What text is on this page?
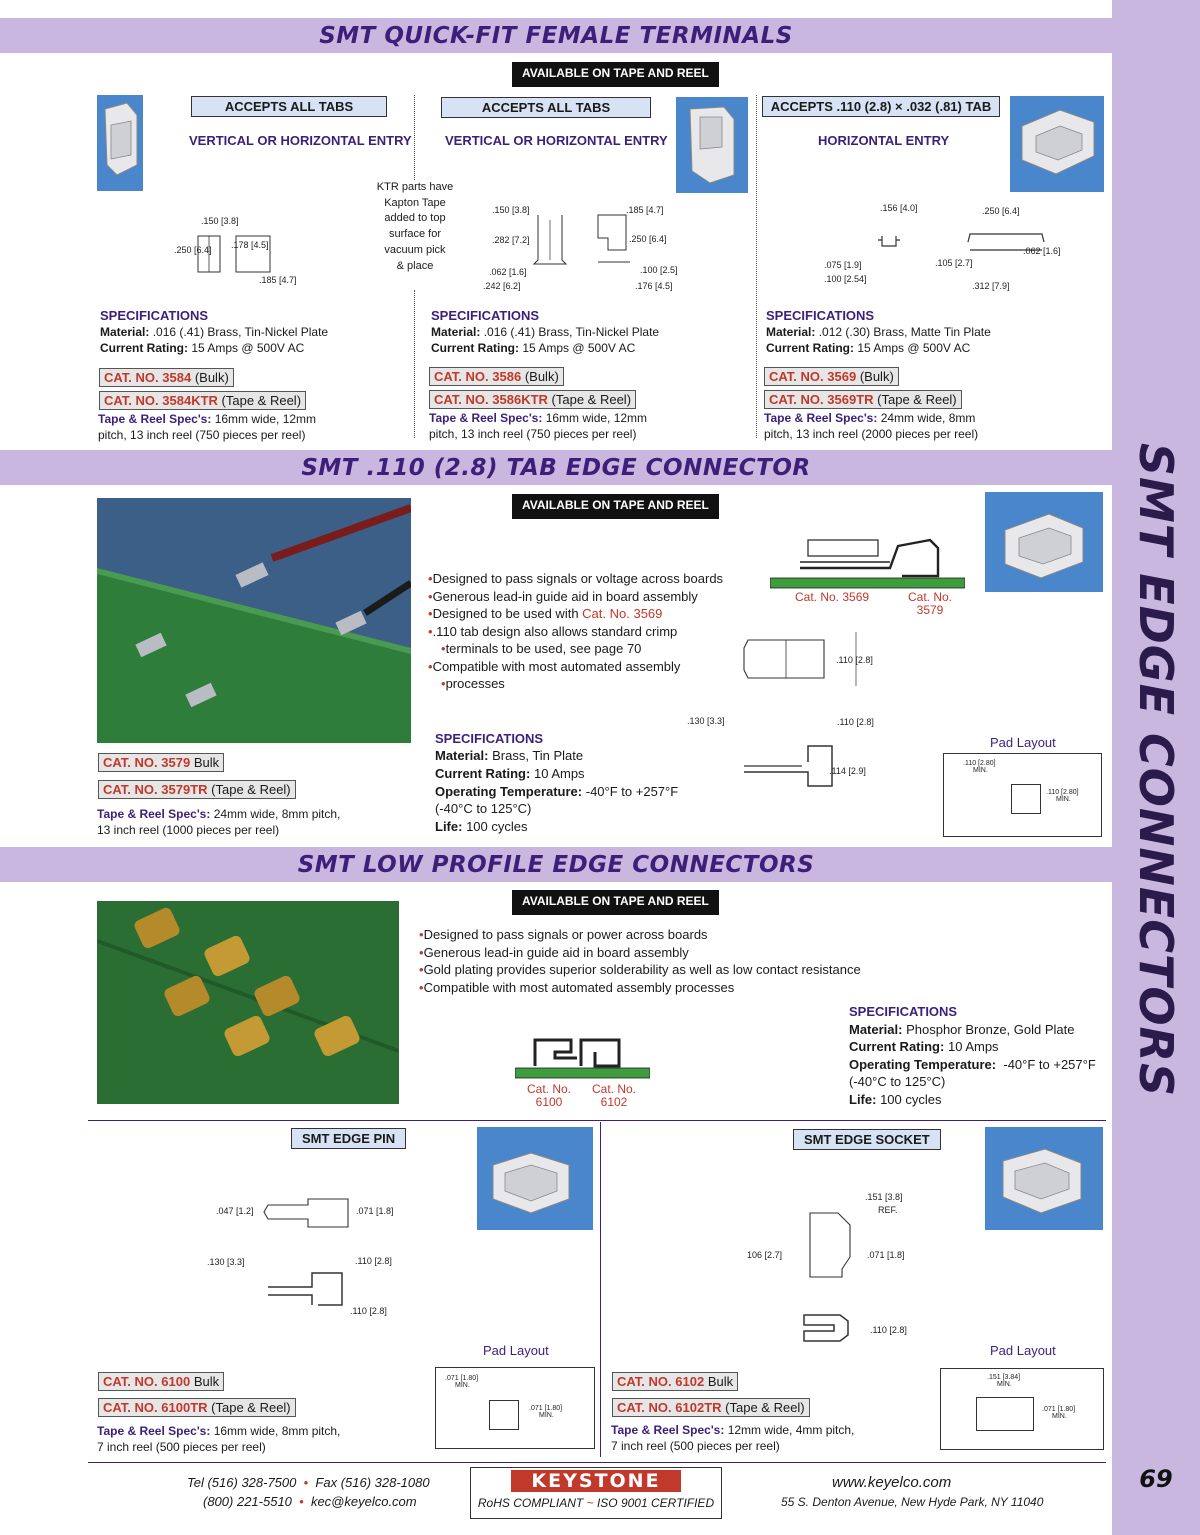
SMT EDGE CONNECTORS
69
SMT QUICK-FIT FEMALE TERMINALS
AVAILABLE ON TAPE AND REEL
ACCEPTS ALL TABS
VERTICAL OR HORIZONTAL ENTRY
.150 [3.8]
.250 [6.4] .178 [4.5]
.185 [4.7]
SPECIFICATIONS
Material: .016 (.41) Brass, Tin-Nickel Plate
Current Rating: 15 Amps @ 500V AC
CAT. NO. 3584 (Bulk)
CAT. NO. 3584KTR (Tape & Reel)
Tape & Reel Spec's: 16mm wide, 12mm
pitch, 13 inch reel (750 pieces per reel)
KTR parts have
Kapton Tape
added to top
surface for
vacuum pick
& place
ACCEPTS ALL TABS
VERTICAL OR HORIZONTAL ENTRY
.150 [3.8]	.185 [4.7]
.282 [7.2]	.250 [6.4]
.062 [1.6]	.100 [2.5]
.242 [6.2]	.176 [4.5]
SPECIFICATIONS
Material: .016 (.41) Brass, Tin-Nickel Plate
Current Rating: 15 Amps @ 500V AC
CAT. NO. 3586 (Bulk)
CAT. NO. 3586KTR (Tape & Reel)
Tape & Reel Spec's: 16mm wide, 12mm
pitch, 13 inch reel (750 pieces per reel)
ACCEPTS .110 (2.8) × .032 (.81) TAB
HORIZONTAL ENTRY
.156 [4.0]	.250 [6.4]
.062 [1.6]
.075 [1.9]
.100 [2.54]
.105 [2.7]
.312 [7.9]
SPECIFICATIONS
Material: .012 (.30) Brass, Matte Tin Plate
Current Rating: 15 Amps @ 500V AC
CAT. NO. 3569 (Bulk)
CAT. NO. 3569TR (Tape & Reel)
Tape & Reel Spec's: 24mm wide, 8mm
pitch, 13 inch reel (2000 pieces per reel)
SMT .110 (2.8) TAB EDGE CONNECTOR
AVAILABLE ON TAPE AND REEL
• Designed to pass signals or voltage across boards
• Generous lead-in guide aid in board assembly
• Designed to be used with Cat. No. 3569
• .110 tab design also allows standard crimp
• terminals to be used, see page 70
• Compatible with most automated assembly
• processes
Cat. No. 3569	Cat. No.
3579
.110 [2.8]
.130 [3.3]	.110 [2.8]
.114 [2.9]
Pad Layout
.110 [2.80]
MIN.
.110 [2.80]
MIN.
SPECIFICATIONS
Material: Brass, Tin Plate
Current Rating: 10 Amps
Operating Temperature: -40°F to +257°F
(-40°C to 125°C)
Life: 100 cycles
CAT. NO. 3579 Bulk
CAT. NO. 3579TR (Tape & Reel)
Tape & Reel Spec's: 24mm wide, 8mm pitch,
13 inch reel (1000 pieces per reel)
SMT LOW PROFILE EDGE CONNECTORS
AVAILABLE ON TAPE AND REEL
• Designed to pass signals or power across boards
• Generous lead-in guide aid in board assembly
• Gold plating provides superior solderability as well as low contact resistance
• Compatible with most automated assembly processes
Cat. No.
6100
Cat. No.
6102
SPECIFICATIONS
Material: Phosphor Bronze, Gold Plate
Current Rating: 10 Amps
Operating Temperature: -40°F to +257°F
(-40°C to 125°C)
Life: 100 cycles
SMT EDGE PIN
.047 [1.2]	.071 [1.8]
.130 [3.3]	.110 [2.8]
.110 [2.8]
Pad Layout
.071 [1.80]
MIN.
.071 [1.80]
MIN.
CAT. NO. 6100 Bulk
CAT. NO. 6100TR (Tape & Reel)
Tape & Reel Spec's: 16mm wide, 8mm pitch,
7 inch reel (500 pieces per reel)
SMT EDGE SOCKET
.151 [3.8]
REF.
106 [2.7]	.071 [1.8]
.110 [2.8]
Pad Layout
.151 [3.84]
MIN.
.071 [1.80]
MIN.
CAT. NO. 6102 Bulk
CAT. NO. 6102TR (Tape & Reel)
Tape & Reel Spec's: 12mm wide, 4mm pitch,
7 inch reel (500 pieces per reel)
Tel (516) 328-7500 • Fax (516) 328-1080
(800) 221-5510 • kec@keyelco.com
KEYSTONE
RoHS COMPLIANT ~ ISO 9001 CERTIFIED
www.keyelco.com
55 S. Denton Avenue, New Hyde Park, NY 11040
